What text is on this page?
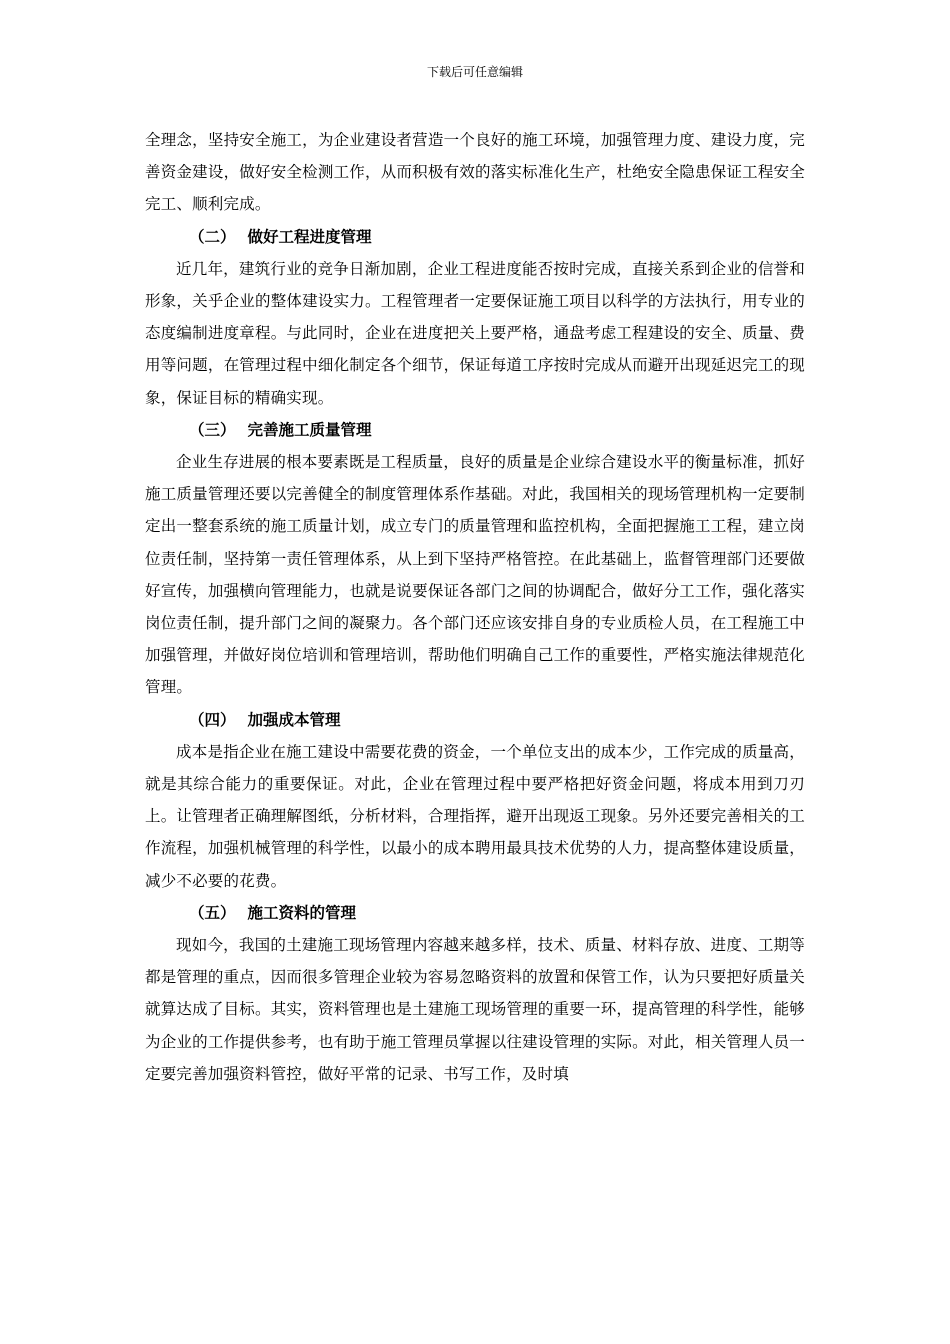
下载后可任意编辑

全理念，坚持安全施工，为企业建设者营造一个良好的施工环境，加强管理力度、建设力度，完善资金建设，做好安全检测工作，从而积极有效的落实标准化生产，杜绝安全隐患保证工程安全完工、顺利完成。

（二） 做好工程进度管理

近几年，建筑行业的竞争日渐加剧，企业工程进度能否按时完成，直接关系到企业的信誉和形象，关乎企业的整体建设实力。工程管理者一定要保证施工项目以科学的方法执行，用专业的态度编制进度章程。与此同时，企业在进度把关上要严格，通盘考虑工程建设的安全、质量、费用等问题，在管理过程中细化制定各个细节，保证每道工序按时完成从而避开出现延迟完工的现象，保证目标的精确实现。

（三） 完善施工质量管理

企业生存进展的根本要素既是工程质量，良好的质量是企业综合建设水平的衡量标准，抓好施工质量管理还要以完善健全的制度管理体系作基础。对此，我国相关的现场管理机构一定要制定出一整套系统的施工质量计划，成立专门的质量管理和监控机构，全面把握施工工程，建立岗位责任制，坚持第一责任管理体系，从上到下坚持严格管控。在此基础上，监督管理部门还要做好宣传，加强横向管理能力，也就是说要保证各部门之间的协调配合，做好分工工作，强化落实岗位责任制，提升部门之间的凝聚力。各个部门还应该安排自身的专业质检人员，在工程施工中加强管理，并做好岗位培训和管理培训，帮助他们明确自己工作的重要性，严格实施法律规范化管理。

（四） 加强成本管理

成本是指企业在施工建设中需要花费的资金，一个单位支出的成本少，工作完成的质量高，就是其综合能力的重要保证。对此，企业在管理过程中要严格把好资金问题，将成本用到刀刃上。让管理者正确理解图纸，分析材料，合理指挥，避开出现返工现象。另外还要完善相关的工作流程，加强机械管理的科学性，以最小的成本聘用最具技术优势的人力，提高整体建设质量，减少不必要的花费。

（五） 施工资料的管理

现如今，我国的土建施工现场管理内容越来越多样，技术、质量、材料存放、进度、工期等都是管理的重点，因而很多管理企业较为容易忽略资料的放置和保管工作，认为只要把好质量关就算达成了目标。其实，资料管理也是土建施工现场管理的重要一环，提高管理的科学性，能够为企业的工作提供参考，也有助于施工管理员掌握以往建设管理的实际。对此，相关管理人员一定要完善加强资料管控，做好平常的记录、书写工作，及时填
